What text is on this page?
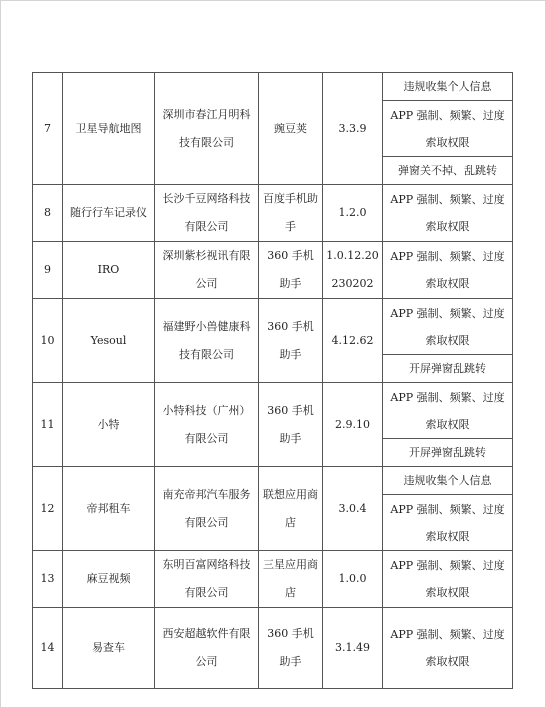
7	卫星导航地图	深圳市春江月明科技有限公司	豌豆荚	3.3.9	违规收集个人信息
					APP 强制、频繁、过度索取权限
					弹窗关不掉、乱跳转
8	随行行车记录仪	长沙千豆网络科技有限公司	百度手机助手	1.2.0	APP 强制、频繁、过度索取权限
9	IRO	深圳紫杉视讯有限公司	360 手机助手	1.0.12.20230202	APP 强制、频繁、过度索取权限
10	Yesoul	福建野小兽健康科技有限公司	360 手机助手	4.12.62	APP 强制、频繁、过度索取权限
					开屏弹窗乱跳转
11	小特	小特科技（广州）有限公司	360 手机助手	2.9.10	APP 强制、频繁、过度索取权限
					开屏弹窗乱跳转
12	帝邦租车	南充帝邦汽车服务有限公司	联想应用商店	3.0.4	违规收集个人信息
					APP 强制、频繁、过度索取权限
13	麻豆视频	东明百富网络科技有限公司	三星应用商店	1.0.0	APP 强制、频繁、过度索取权限
14	易查车	西安超越软件有限公司	360 手机助手	3.1.49	APP 强制、频繁、过度索取权限
